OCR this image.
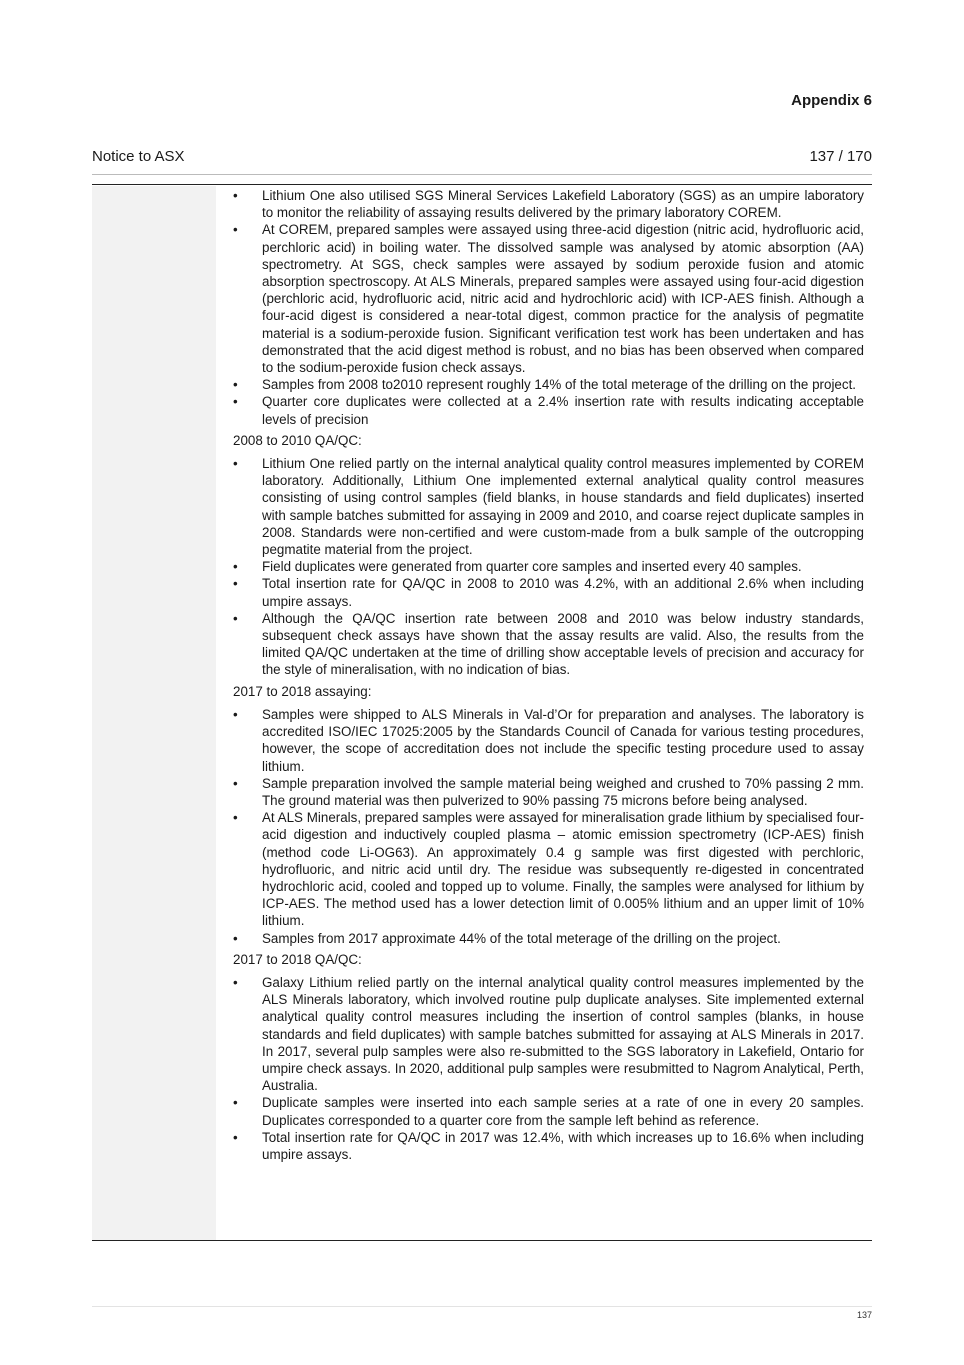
Appendix 6
Notice to ASX	137 / 170
•	Lithium One also utilised SGS Mineral Services Lakefield Laboratory (SGS) as an umpire laboratory to monitor the reliability of assaying results delivered by the primary laboratory COREM.
•	At COREM, prepared samples were assayed using three-acid digestion (nitric acid, hydrofluoric acid, perchloric acid) in boiling water. The dissolved sample was analysed by atomic absorption (AA) spectrometry. At SGS, check samples were assayed by sodium peroxide fusion and atomic absorption spectroscopy. At ALS Minerals, prepared samples were assayed using four-acid digestion (perchloric acid, hydrofluoric acid, nitric acid and hydrochloric acid) with ICP-AES finish. Although a four-acid digest is considered a near-total digest, common practice for the analysis of pegmatite material is a sodium-peroxide fusion. Significant verification test work has been undertaken and has demonstrated that the acid digest method is robust, and no bias has been observed when compared to the sodium-peroxide fusion check assays.
•	Samples from 2008 to2010 represent roughly 14% of the total meterage of the drilling on the project.
•	Quarter core duplicates were collected at a 2.4% insertion rate with results indicating acceptable levels of precision
2008 to 2010 QA/QC:
•	Lithium One relied partly on the internal analytical quality control measures implemented by COREM laboratory. Additionally, Lithium One implemented external analytical quality control measures consisting of using control samples (field blanks, in house standards and field duplicates) inserted with sample batches submitted for assaying in 2009 and 2010, and coarse reject duplicate samples in 2008. Standards were non-certified and were custom-made from a bulk sample of the outcropping pegmatite material from the project.
•	Field duplicates were generated from quarter core samples and inserted every 40 samples.
•	Total insertion rate for QA/QC in 2008 to 2010 was 4.2%, with an additional 2.6% when including umpire assays.
•	Although the QA/QC insertion rate between 2008 and 2010 was below industry standards, subsequent check assays have shown that the assay results are valid. Also, the results from the limited QA/QC undertaken at the time of drilling show acceptable levels of precision and accuracy for the style of mineralisation, with no indication of bias.
2017 to 2018 assaying:
•	Samples were shipped to ALS Minerals in Val-d’Or for preparation and analyses. The laboratory is accredited ISO/IEC 17025:2005 by the Standards Council of Canada for various testing procedures, however, the scope of accreditation does not include the specific testing procedure used to assay lithium.
•	Sample preparation involved the sample material being weighed and crushed to 70% passing 2 mm. The ground material was then pulverized to 90% passing 75 microns before being analysed.
•	At ALS Minerals, prepared samples were assayed for mineralisation grade lithium by specialised four-acid digestion and inductively coupled plasma – atomic emission spectrometry (ICP-AES) finish (method code Li-OG63). An approximately 0.4 g sample was first digested with perchloric, hydrofluoric, and nitric acid until dry. The residue was subsequently re-digested in concentrated hydrochloric acid, cooled and topped up to volume. Finally, the samples were analysed for lithium by ICP-AES. The method used has a lower detection limit of 0.005% lithium and an upper limit of 10% lithium.
•	Samples from 2017 approximate 44% of the total meterage of the drilling on the project.
2017 to 2018 QA/QC:
•	Galaxy Lithium relied partly on the internal analytical quality control measures implemented by the ALS Minerals laboratory, which involved routine pulp duplicate analyses. Site implemented external analytical quality control measures including the insertion of control samples (blanks, in house standards and field duplicates) with sample batches submitted for assaying at ALS Minerals in 2017. In 2017, several pulp samples were also re-submitted to the SGS laboratory in Lakefield, Ontario for umpire check assays. In 2020, additional pulp samples were resubmitted to Nagrom Analytical, Perth, Australia.
•	Duplicate samples were inserted into each sample series at a rate of one in every 20 samples. Duplicates corresponded to a quarter core from the sample left behind as reference.
•	Total insertion rate for QA/QC in 2017 was 12.4%, with which increases up to 16.6% when including umpire assays.
137
